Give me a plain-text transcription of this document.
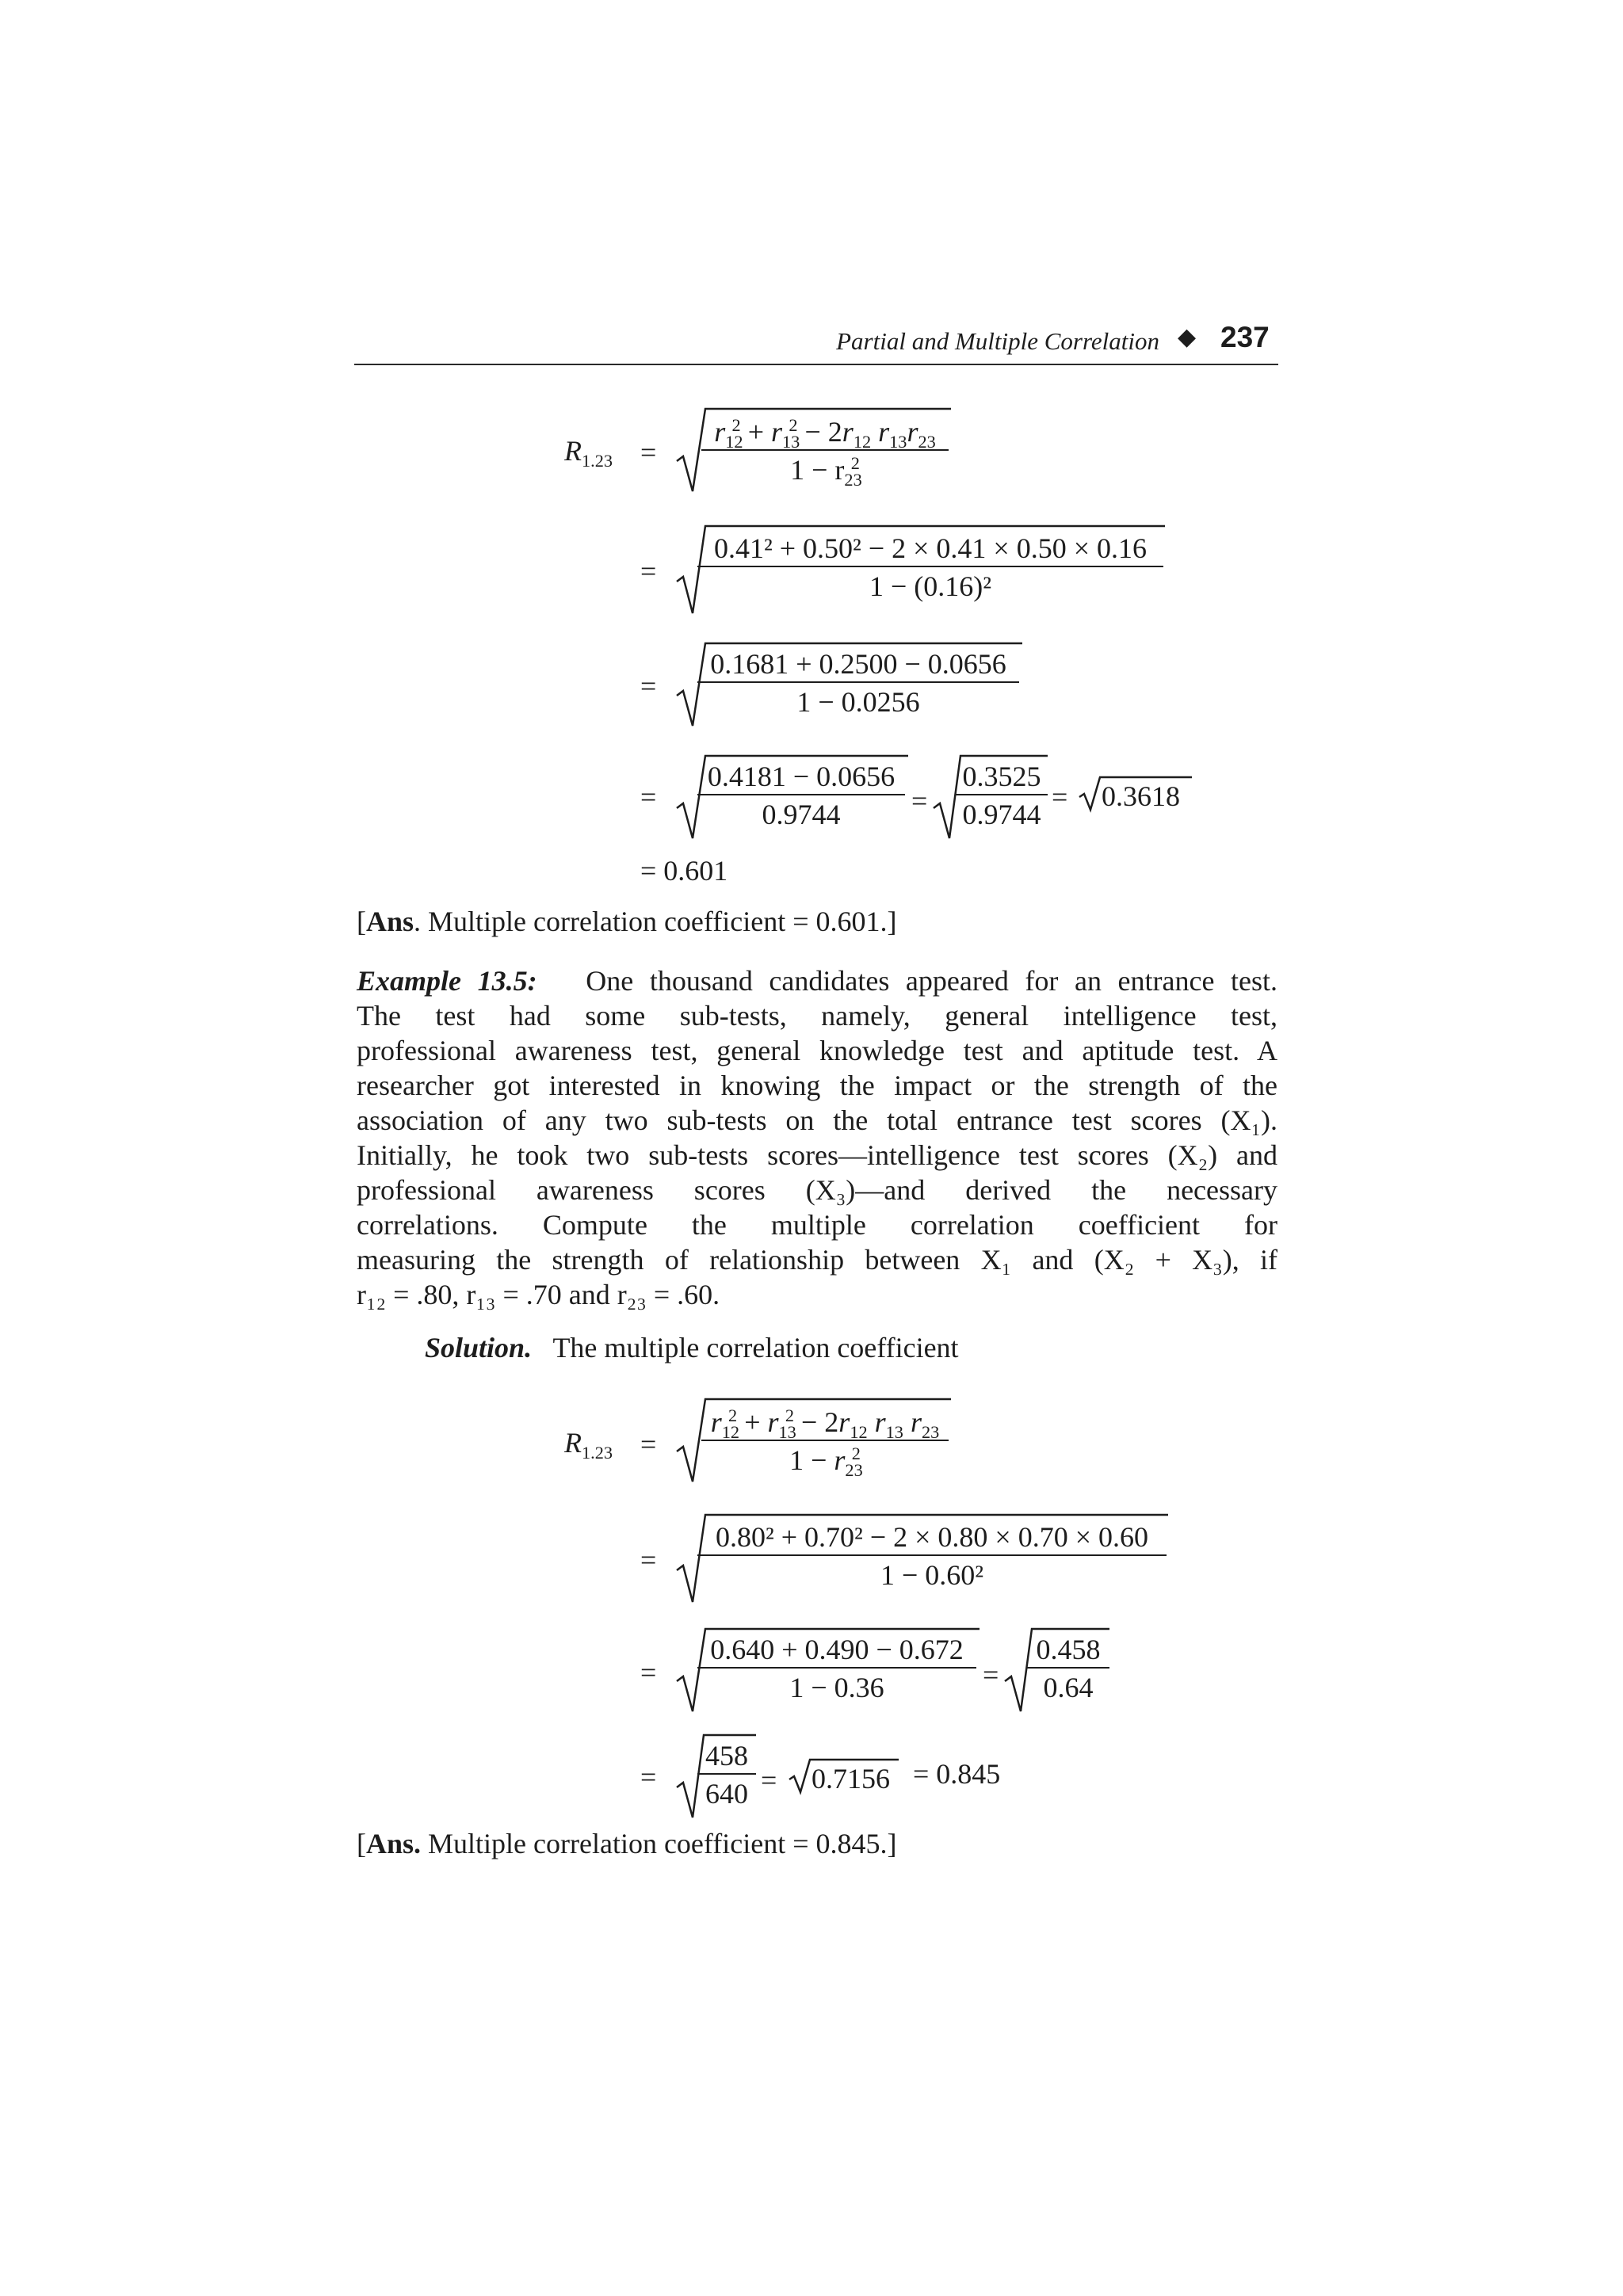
Partial and Multiple Correlation ◆ 237
$R_{1.23} = \frac{r_{12}^2 + r_{13}^2 - 2r_{12} r_{13}r_{23}}{1 - r_{23}^2}$
= $\frac{\text{0.41² + 0.50² − 2 × 0.41 × 0.50 × 0.16}}{\text{1 − (0.16)²}}$
= $\frac{0.1681 + 0.2500 - 0.0656}{1 - 0.0256}$
= $\frac{0.4181 - 0.0656}{0.9744} = \frac{0.3525}{0.9744} = 0.3618$
= 0.601
[Ans. Multiple correlation coefficient = 0.601.]
Example 13.5: One thousand candidates appeared for an entrance test.
The test had some sub-tests, namely, general intelligence test,
professional awareness test, general knowledge test and aptitude test. A
researcher got interested in knowing the impact or the strength of the
association of any two sub-tests on the total entrance test scores (X₁).
Initially, he took two sub-tests scores—intelligence test scores (X₂) and
professional awareness scores (X₃)—and derived the necessary
correlations. Compute the multiple correlation coefficient for
measuring the strength of relationship between X₁ and (X₂ + X₃), if
r₁₂ = .80, r₁₃ = .70 and r₂₃ = .60.
Solution. The multiple correlation coefficient
$R_{1.23} = \frac{r_{12}^2 + r_{13}^2 - 2r_{12} r_{13} r_{23}}{1 - r_{23}^2}$
= $\frac{\text{0.80² + 0.70² − 2 × 0.80 × 0.70 × 0.60}}{\text{1 − 0.60²}}$
= $\frac{0.640 + 0.490 - 0.672}{1 - 0.36} = \frac{0.458}{0.64}$
= $\frac{458}{640} = 0.7156 = 0.845$
[Ans. Multiple correlation coefficient = 0.845.]
